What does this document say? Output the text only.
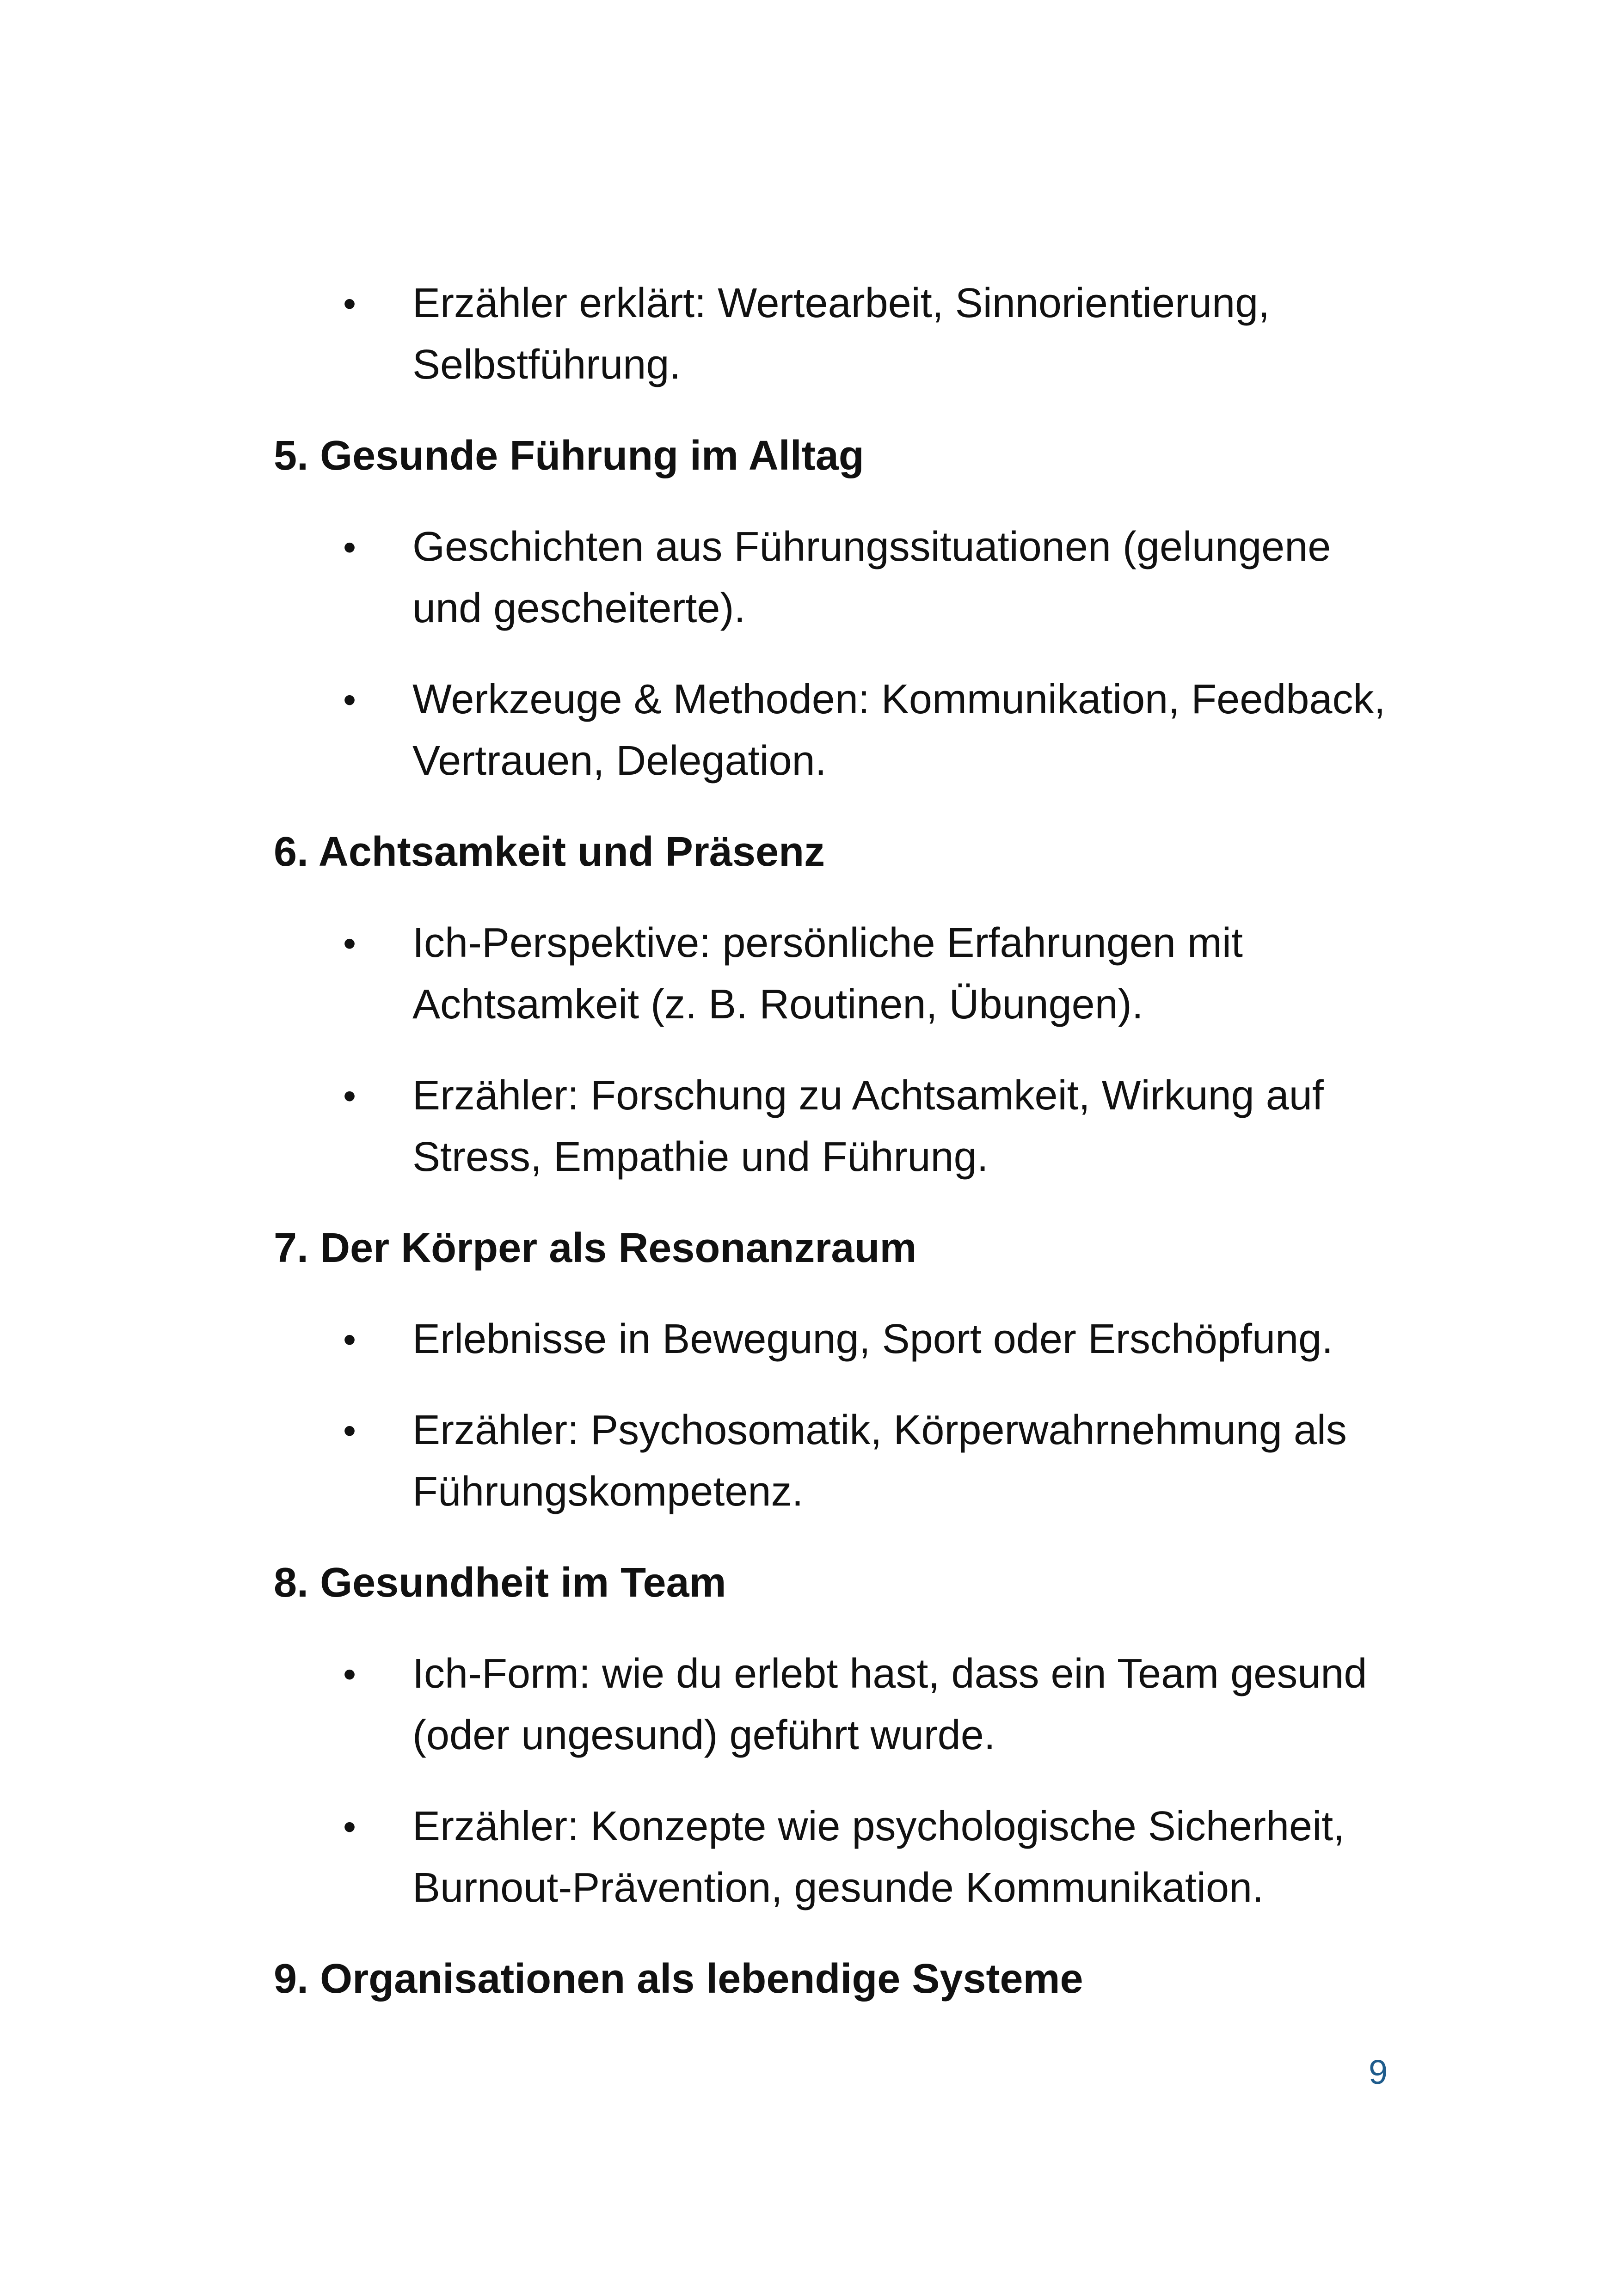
• Erzähler erklärt: Wertearbeit, Sinnorientierung,
Selbstführung.
5. Gesunde Führung im Alltag
• Geschichten aus Führungssituationen (gelungene
und gescheiterte).
• Werkzeuge & Methoden: Kommunikation, Feedback,
Vertrauen, Delegation.
6. Achtsamkeit und Präsenz
• Ich-Perspektive: persönliche Erfahrungen mit
Achtsamkeit (z. B. Routinen, Übungen).
• Erzähler: Forschung zu Achtsamkeit, Wirkung auf
Stress, Empathie und Führung.
7. Der Körper als Resonanzraum
• Erlebnisse in Bewegung, Sport oder Erschöpfung.
• Erzähler: Psychosomatik, Körperwahrnehmung als
Führungskompetenz.
8. Gesundheit im Team
• Ich-Form: wie du erlebt hast, dass ein Team gesund
(oder ungesund) geführt wurde.
• Erzähler: Konzepte wie psychologische Sicherheit,
Burnout-Prävention, gesunde Kommunikation.
9. Organisationen als lebendige Systeme
9
